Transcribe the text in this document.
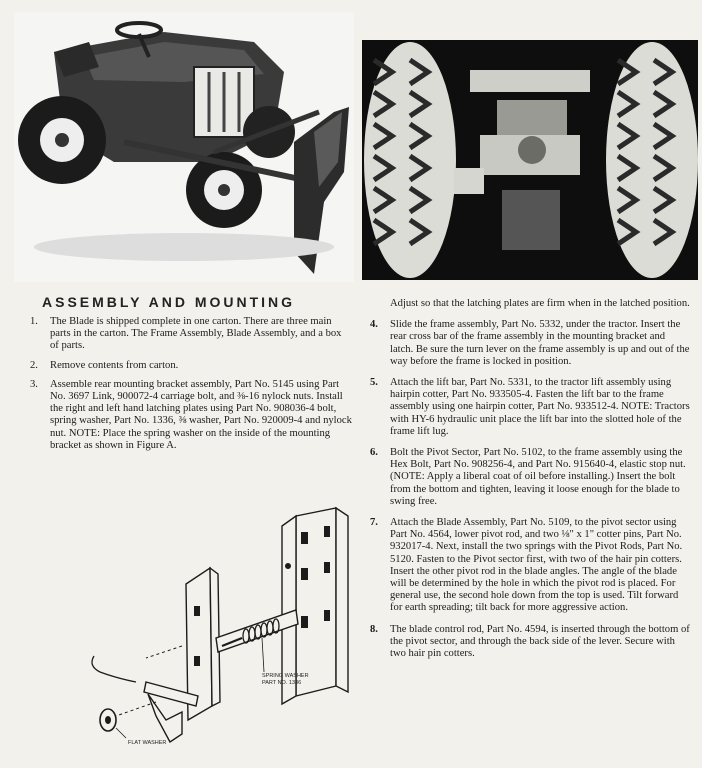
ASSEMBLY AND MOUNTING
1. The Blade is shipped complete in one carton. There are three main parts in the carton. The Frame Assembly, Blade Assembly, and a box of parts.
2. Remove contents from carton.
3. Assemble rear mounting bracket assembly, Part No. 5145 using Part No. 3697 Link, 900072-4 carriage bolt, and ⅜-16 nylock nuts. Install the right and left hand latching plates using Part No. 908036-4 bolt, spring washer, Part No. 1336, ⅜ washer, Part No. 920009-4 and nylock nut. NOTE: Place the spring washer on the inside of the mounting bracket as shown in Figure A.
Adjust so that the latching plates are firm when in the latched position.
4. Slide the frame assembly, Part No. 5332, under the tractor. Insert the rear cross bar of the frame assembly in the mounting bracket and latch. Be sure the turn lever on the frame assembly is up and out of the way before the frame is locked in position.
5. Attach the lift bar, Part No. 5331, to the tractor lift assembly using hairpin cotter, Part No. 933505-4. Fasten the lift bar to the frame assembly using one hairpin cotter, Part No. 933512-4. NOTE: Tractors with HY-6 hydraulic unit place the lift bar into the slotted hole of the frame lift lug.
6. Bolt the Pivot Sector, Part No. 5102, to the frame assembly using the Hex Bolt, Part No. 908256-4, and Part No. 915640-4, elastic stop nut. (NOTE: Apply a liberal coat of oil before installing.) Insert the bolt from the bottom and tighten, leaving it loose enough for the blade to swing free.
7. Attach the Blade Assembly, Part No. 5109, to the pivot sector using Part No. 4564, lower pivot rod, and two ⅛" x 1" cotter pins, Part No. 932017-4. Next, install the two springs with the Pivot Rods, Part No. 5120. Fasten to the Pivot sector first, with two of the hair pin cotters. Insert the other pivot rod in the blade angles. The angle of the blade will be determined by the hole in which the pivot rod is placed. For general use, the second hole down from the top is used. Tilt forward for earth spreading; tilt back for more aggressive action.
8. The blade control rod, Part No. 4594, is inserted through the bottom of the pivot sector, and through the back side of the lever. Secure with two hair pin cotters.
SPRING WASHER
PART NO. 1336
FLAT WASHER
